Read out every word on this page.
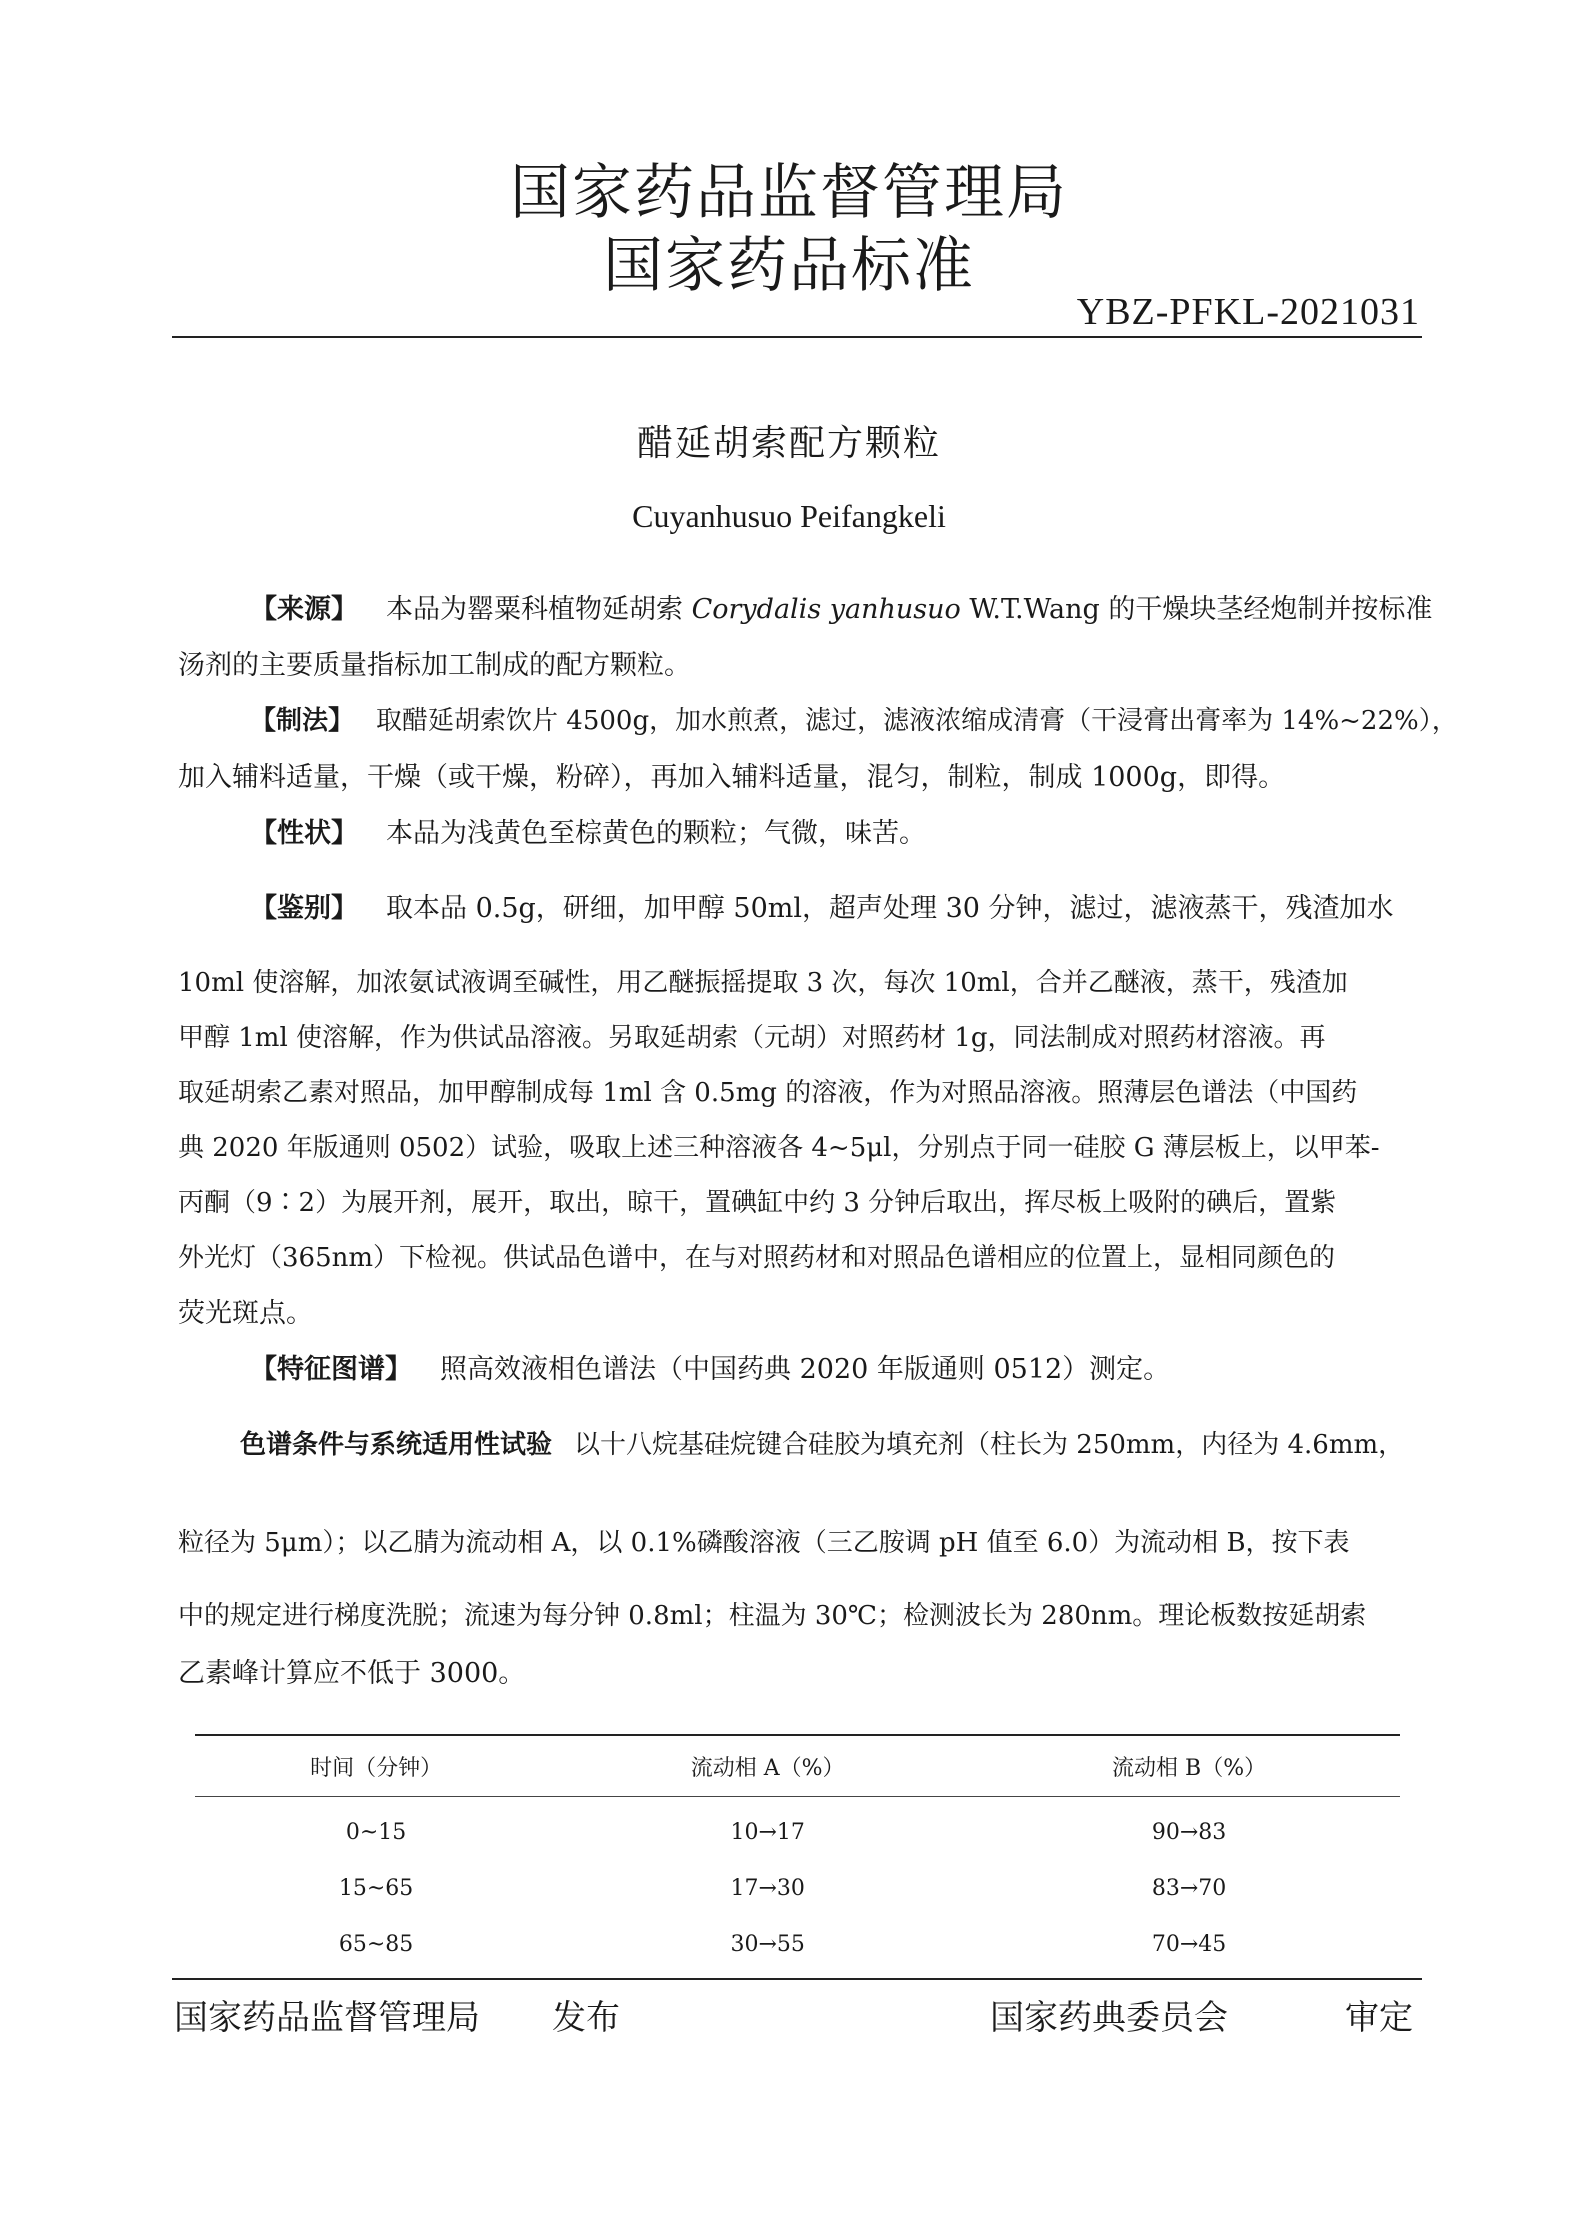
国家药品监督管理局
国家药品标准
YBZ-PFKL-2021031
醋延胡索配方颗粒
Cuyanhusuo Peifangkeli
【来源】 本品为罂粟科植物延胡索 Corydalis yanhusuo W.T.Wang 的干燥块茎经炮制并按标准
汤剂的主要质量指标加工制成的配方颗粒。
【制法】 取醋延胡索饮片 4500g，加水煎煮，滤过，滤液浓缩成清膏（干浸膏出膏率为 14%~22%），
加入辅料适量，干燥（或干燥，粉碎），再加入辅料适量，混匀，制粒，制成 1000g，即得。
【性状】 本品为浅黄色至棕黄色的颗粒；气微，味苦。
【鉴别】 取本品 0.5g，研细，加甲醇 50ml，超声处理 30 分钟，滤过，滤液蒸干，残渣加水
10ml 使溶解，加浓氨试液调至碱性，用乙醚振摇提取 3 次，每次 10ml，合并乙醚液，蒸干，残渣加
甲醇 1ml 使溶解，作为供试品溶液。另取延胡索（元胡）对照药材 1g，同法制成对照药材溶液。再
取延胡索乙素对照品，加甲醇制成每 1ml 含 0.5mg 的溶液，作为对照品溶液。照薄层色谱法（中国药
典 2020 年版通则 0502）试验，吸取上述三种溶液各 4~5μl，分别点于同一硅胶 G 薄层板上，以甲苯-
丙酮（9∶2）为展开剂，展开，取出，晾干，置碘缸中约 3 分钟后取出，挥尽板上吸附的碘后，置紫
外光灯（365nm）下检视。供试品色谱中，在与对照药材和对照品色谱相应的位置上，显相同颜色的
荧光斑点。
【特征图谱】 照高效液相色谱法（中国药典 2020 年版通则 0512）测定。
色谱条件与系统适用性试验 以十八烷基硅烷键合硅胶为填充剂（柱长为 250mm，内径为 4.6mm，
粒径为 5μm）；以乙腈为流动相 A，以 0.1%磷酸溶液（三乙胺调 pH 值至 6.0）为流动相 B，按下表
中的规定进行梯度洗脱；流速为每分钟 0.8ml；柱温为 30℃；检测波长为 280nm。理论板数按延胡索
乙素峰计算应不低于 3000。
时间（分钟）	流动相 A（%）	流动相 B（%）
0~15	10→17	90→83
15~65	17→30	83→70
65~85	30→55	70→45
国家药品监督管理局 发布	国家药典委员会	审定
